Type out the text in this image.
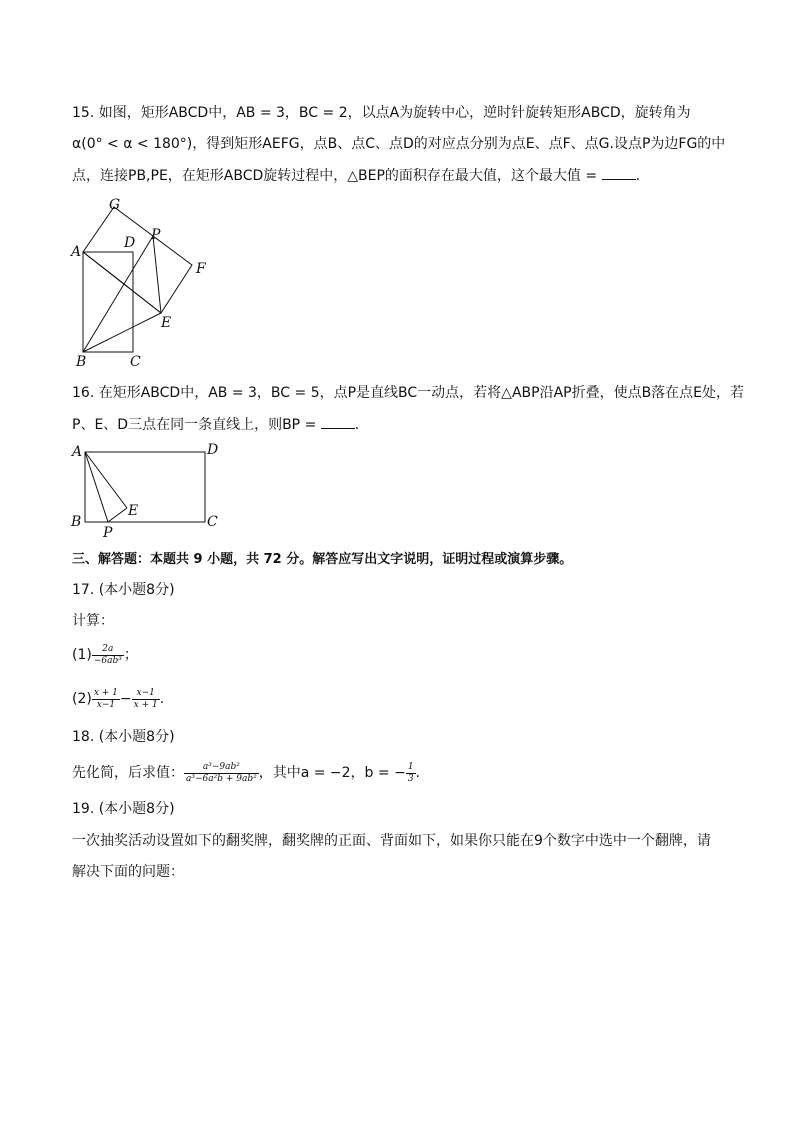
15. 如图，矩形ABCD中，AB = 3，BC = 2，以点A为旋转中心，逆时针旋转矩形ABCD，旋转角为
α(0° < α < 180°)，得到矩形AEFG，点B、点C、点D的对应点分别为点E、点F、点G.设点P为边FG的中
点，连接PB,PE，在矩形ABCD旋转过程中，△BEP的面积存在最大值，这个最大值 =	.
G
A
D P
F
E
B	C
16. 在矩形ABCD中，AB = 3，BC = 5，点P是直线BC一动点，若将△ABP沿AP折叠，使点B落在点E处，若
P、E、D三点在同一条直线上，则BP =	.
A	D
B
P
E
C
三、解答题：本题共 9 小题，共 72 分。解答应写出文字说明，证明过程或演算步骤。
17. (本小题8分)
计算：
$(1) \frac{2a}{\text{−6ab³}}$ ；
$(2) \frac{x + 1}{x-1} - \frac{x-1}{x + 1}$ .
18. (本小题8分)
先化简，后求值： $\frac{\text{a³−9ab²}}{\text{a³−6a²b + 9ab²}}$ ，其中a = −2，b = − $\frac{1}{3}$ .
19. (本小题8分)
一次抽奖活动设置如下的翻奖牌，翻奖牌的正面、背面如下，如果你只能在9个数字中选中一个翻牌，请
解决下面的问题：
